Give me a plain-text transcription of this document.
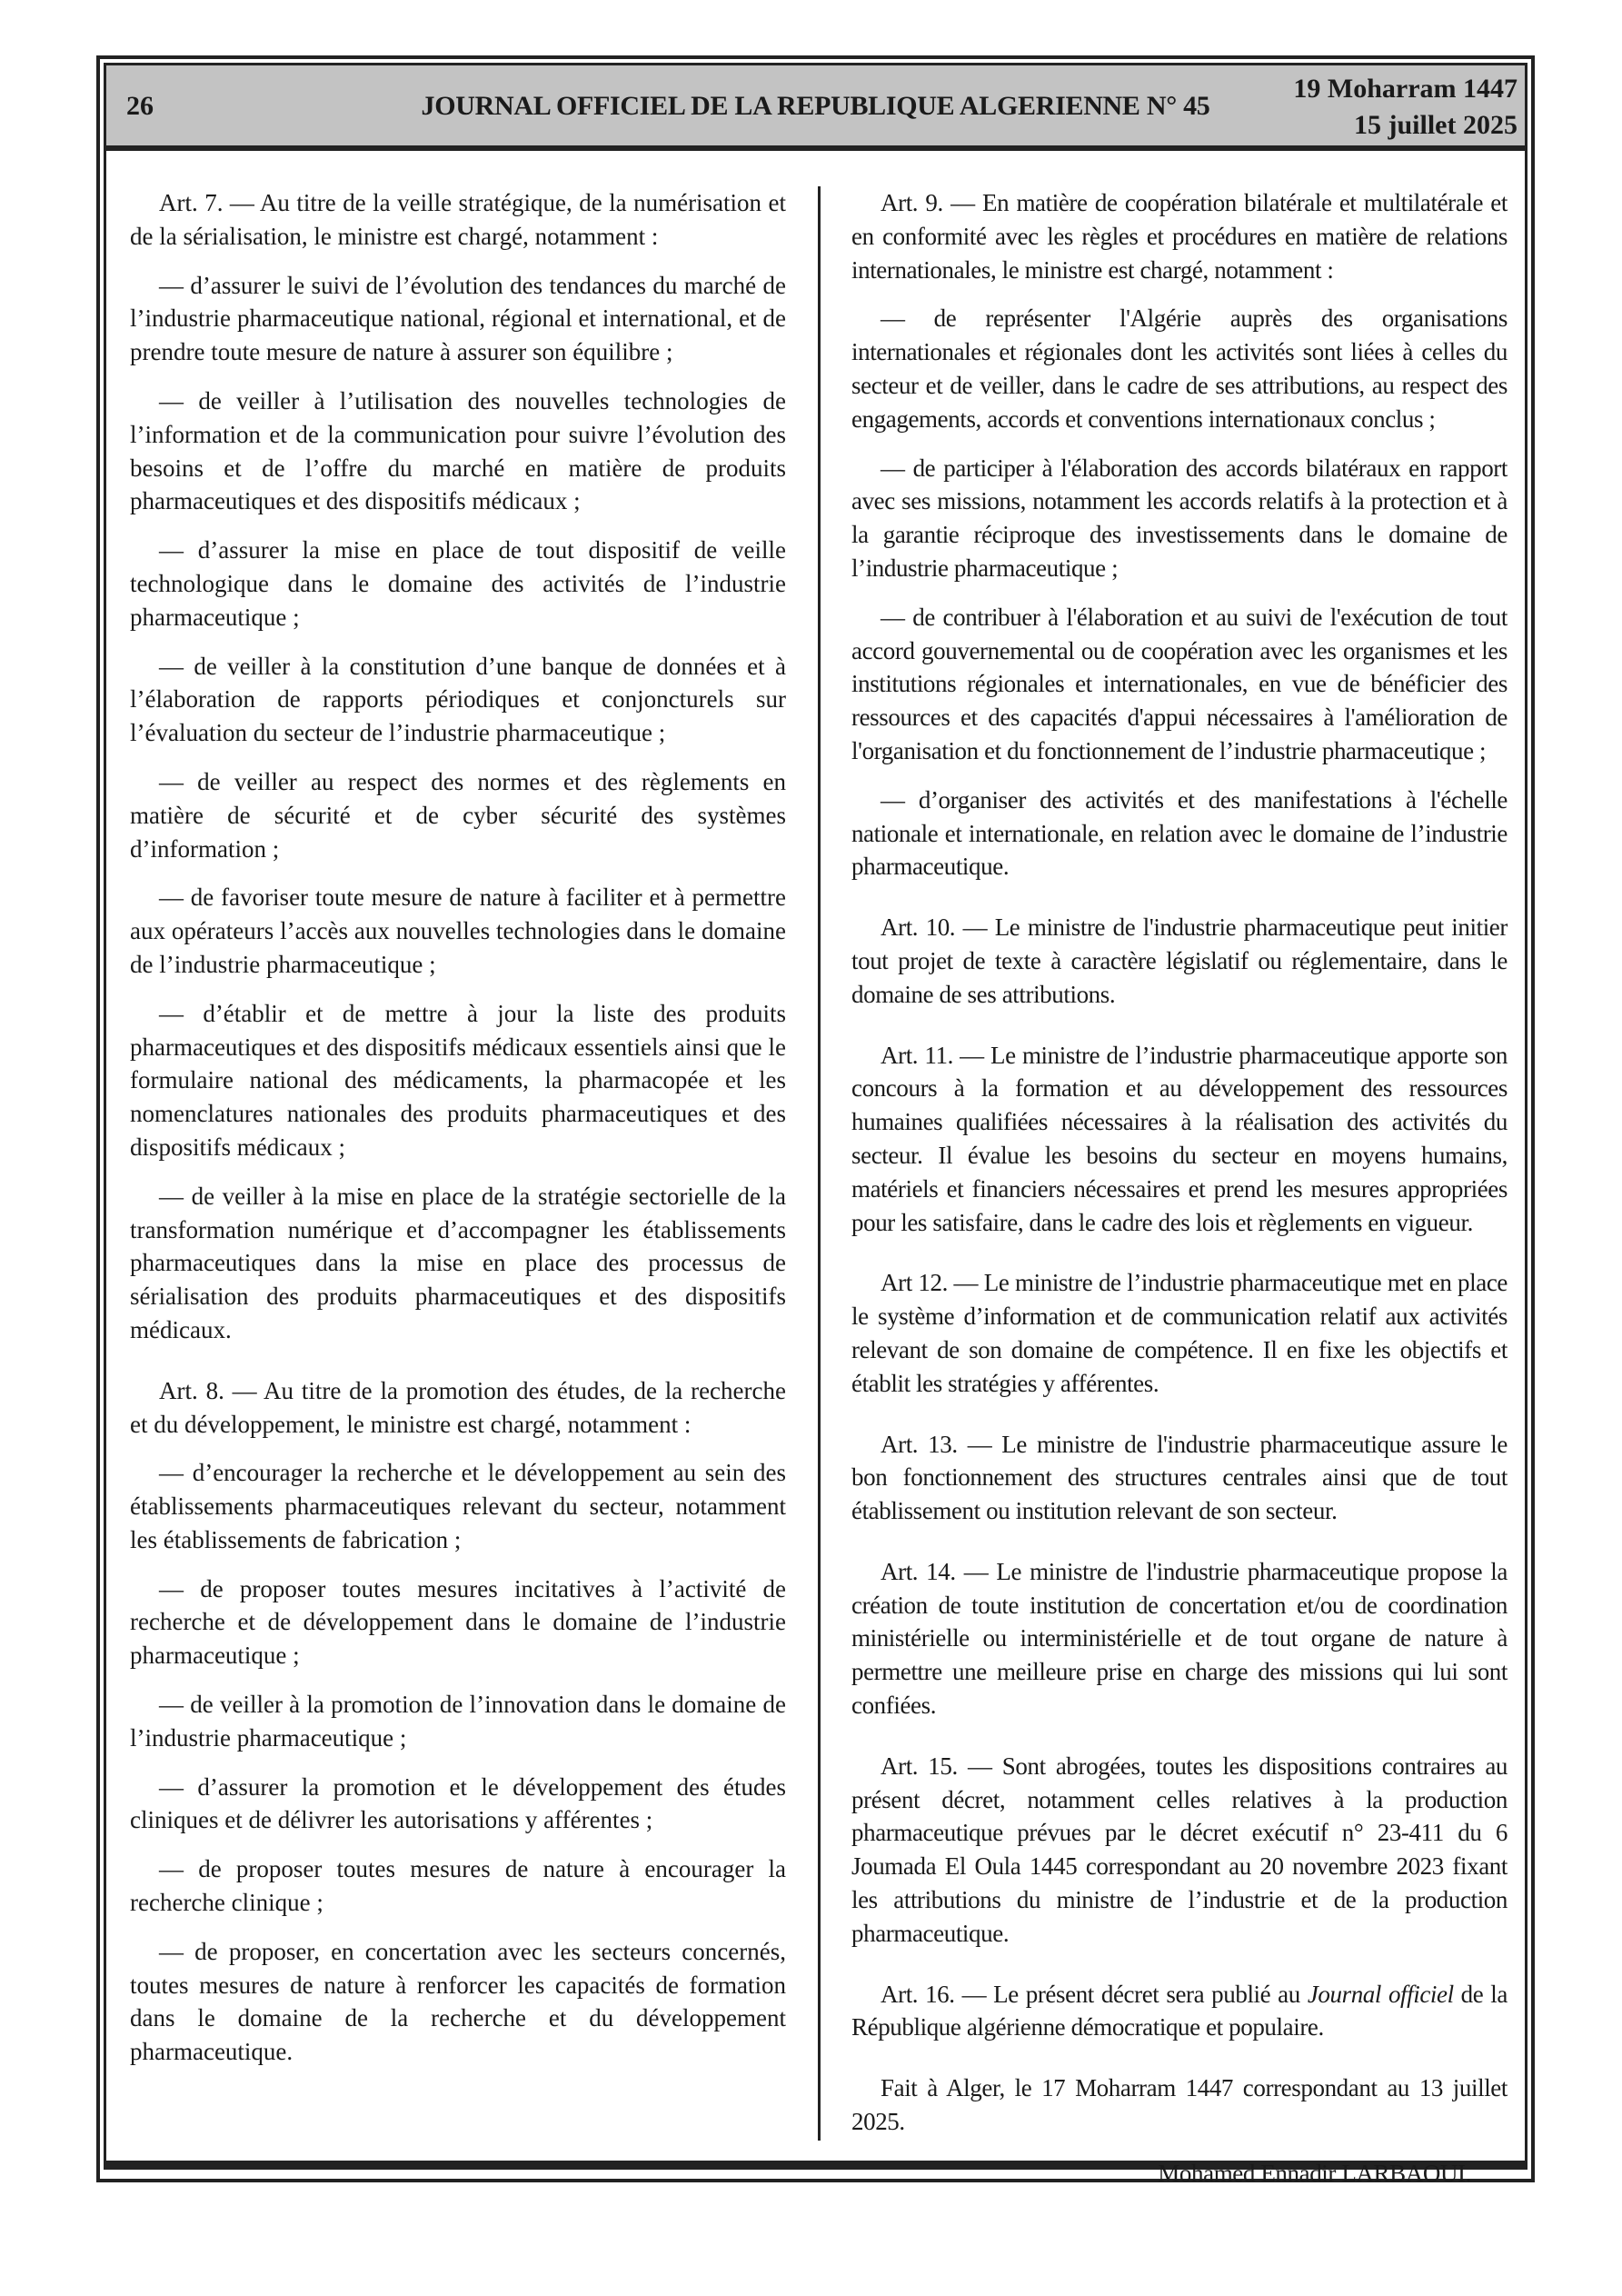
26	JOURNAL OFFICIEL DE LA REPUBLIQUE ALGERIENNE N° 45
19 Moharram 1447
15 juillet 2025

Art. 7. — Au titre de la veille stratégique, de la numérisation et de la sérialisation, le ministre est chargé, notamment :

— d’assurer le suivi de l’évolution des tendances du marché de l’industrie pharmaceutique national, régional et international, et de prendre toute mesure de nature à assurer son équilibre ;

— de veiller à l’utilisation des nouvelles technologies de l’information et de la communication pour suivre l’évolution des besoins et de l’offre du marché en matière de produits pharmaceutiques et des dispositifs médicaux ;

— d’assurer la mise en place de tout dispositif de veille technologique dans le domaine des activités de l’industrie pharmaceutique ;

— de veiller à la constitution d’une banque de données et à l’élaboration de rapports périodiques et conjoncturels sur l’évaluation du secteur de l’industrie pharmaceutique ;

— de veiller au respect des normes et des règlements en matière de sécurité et de cyber sécurité des systèmes d’information ;

— de favoriser toute mesure de nature à faciliter et à permettre aux opérateurs l’accès aux nouvelles technologies dans le domaine de l’industrie pharmaceutique ;

— d’établir et de mettre à jour la liste des produits pharmaceutiques et des dispositifs médicaux essentiels ainsi que le formulaire national des médicaments, la pharmacopée et les nomenclatures nationales des produits pharmaceutiques et des dispositifs médicaux ;

— de veiller à la mise en place de la stratégie sectorielle de la transformation numérique et d’accompagner les établissements pharmaceutiques dans la mise en place des processus de sérialisation des produits pharmaceutiques et des dispositifs médicaux.

Art. 8. — Au titre de la promotion des études, de la recherche et du développement, le ministre est chargé, notamment :

— d’encourager la recherche et le développement au sein des établissements pharmaceutiques relevant du secteur, notamment les établissements de fabrication ;

— de proposer toutes mesures incitatives à l’activité de recherche et de développement dans le domaine de l’industrie pharmaceutique ;

— de veiller à la promotion de l’innovation dans le domaine de l’industrie pharmaceutique ;

— d’assurer la promotion et le développement des études cliniques et de délivrer les autorisations y afférentes ;

— de proposer toutes mesures de nature à encourager la recherche clinique ;

— de proposer, en concertation avec les secteurs concernés, toutes mesures de nature à renforcer les capacités de formation dans le domaine de la recherche et du développement pharmaceutique.

Art. 9. — En matière de coopération bilatérale et multilatérale et en conformité avec les règles et procédures en matière de relations internationales, le ministre est chargé, notamment :

— de représenter l'Algérie auprès des organisations internationales et régionales dont les activités sont liées à celles du secteur et de veiller, dans le cadre de ses attributions, au respect des engagements, accords et conventions internationaux conclus ;

— de participer à l'élaboration des accords bilatéraux en rapport avec ses missions, notamment les accords relatifs à la protection et à la garantie réciproque des investissements dans le domaine de l’industrie pharmaceutique ;

— de contribuer à l'élaboration et au suivi de l'exécution de tout accord gouvernemental ou de coopération avec les organismes et les institutions régionales et internationales, en vue de bénéficier des ressources et des capacités d'appui nécessaires à l'amélioration de l'organisation et du fonctionnement de l’industrie pharmaceutique ;

— d’organiser des activités et des manifestations à l'échelle nationale et internationale, en relation avec le domaine de l’industrie pharmaceutique.

Art. 10. — Le ministre de l'industrie pharmaceutique peut initier tout projet de texte à caractère législatif ou réglementaire, dans le domaine de ses attributions.

Art. 11. — Le ministre de l’industrie pharmaceutique apporte son concours à la formation et au développement des ressources humaines qualifiées nécessaires à la réalisation des activités du secteur. Il évalue les besoins du secteur en moyens humains, matériels et financiers nécessaires et prend les mesures appropriées pour les satisfaire, dans le cadre des lois et règlements en vigueur.

Art 12. — Le ministre de l’industrie pharmaceutique met en place le système d’information et de communication relatif aux activités relevant de son domaine de compétence. Il en fixe les objectifs et établit les stratégies y afférentes.

Art. 13. — Le ministre de l'industrie pharmaceutique assure le bon fonctionnement des structures centrales ainsi que de tout établissement ou institution relevant de son secteur.

Art. 14. — Le ministre de l'industrie pharmaceutique propose la création de toute institution de concertation et/ou de coordination ministérielle ou interministérielle et de tout organe de nature à permettre une meilleure prise en charge des missions qui lui sont confiées.

Art. 15. — Sont abrogées, toutes les dispositions contraires au présent décret, notamment celles relatives à la production pharmaceutique prévues par le décret exécutif n° 23-411 du 6 Joumada El Oula 1445 correspondant au 20 novembre 2023 fixant les attributions du ministre de l’industrie et de la production pharmaceutique.

Art. 16. — Le présent décret sera publié au Journal officiel de la République algérienne démocratique et populaire.

Fait à Alger, le 17 Moharram 1447 correspondant au 13 juillet 2025.

Mohamed Ennadir LARBAOUI.
